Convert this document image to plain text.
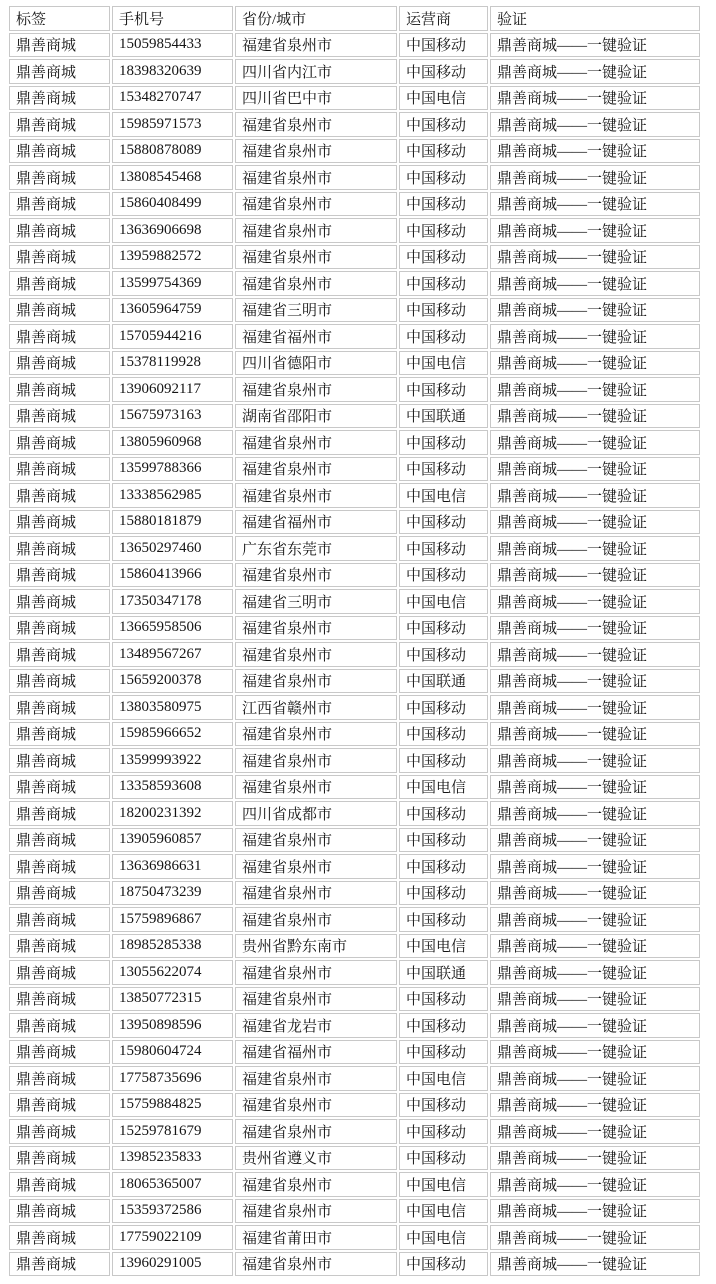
标签	手机号	省份/城市	运营商	验证
鼎善商城	15059854433	福建省泉州市	中国移动	鼎善商城——一键验证
鼎善商城	18398320639	四川省内江市	中国移动	鼎善商城——一键验证
鼎善商城	15348270747	四川省巴中市	中国电信	鼎善商城——一键验证
鼎善商城	15985971573	福建省泉州市	中国移动	鼎善商城——一键验证
鼎善商城	15880878089	福建省泉州市	中国移动	鼎善商城——一键验证
鼎善商城	13808545468	福建省泉州市	中国移动	鼎善商城——一键验证
鼎善商城	15860408499	福建省泉州市	中国移动	鼎善商城——一键验证
鼎善商城	13636906698	福建省泉州市	中国移动	鼎善商城——一键验证
鼎善商城	13959882572	福建省泉州市	中国移动	鼎善商城——一键验证
鼎善商城	13599754369	福建省泉州市	中国移动	鼎善商城——一键验证
鼎善商城	13605964759	福建省三明市	中国移动	鼎善商城——一键验证
鼎善商城	15705944216	福建省福州市	中国移动	鼎善商城——一键验证
鼎善商城	15378119928	四川省德阳市	中国电信	鼎善商城——一键验证
鼎善商城	13906092117	福建省泉州市	中国移动	鼎善商城——一键验证
鼎善商城	15675973163	湖南省邵阳市	中国联通	鼎善商城——一键验证
鼎善商城	13805960968	福建省泉州市	中国移动	鼎善商城——一键验证
鼎善商城	13599788366	福建省泉州市	中国移动	鼎善商城——一键验证
鼎善商城	13338562985	福建省泉州市	中国电信	鼎善商城——一键验证
鼎善商城	15880181879	福建省福州市	中国移动	鼎善商城——一键验证
鼎善商城	13650297460	广东省东莞市	中国移动	鼎善商城——一键验证
鼎善商城	15860413966	福建省泉州市	中国移动	鼎善商城——一键验证
鼎善商城	17350347178	福建省三明市	中国电信	鼎善商城——一键验证
鼎善商城	13665958506	福建省泉州市	中国移动	鼎善商城——一键验证
鼎善商城	13489567267	福建省泉州市	中国移动	鼎善商城——一键验证
鼎善商城	15659200378	福建省泉州市	中国联通	鼎善商城——一键验证
鼎善商城	13803580975	江西省赣州市	中国移动	鼎善商城——一键验证
鼎善商城	15985966652	福建省泉州市	中国移动	鼎善商城——一键验证
鼎善商城	13599993922	福建省泉州市	中国移动	鼎善商城——一键验证
鼎善商城	13358593608	福建省泉州市	中国电信	鼎善商城——一键验证
鼎善商城	18200231392	四川省成都市	中国移动	鼎善商城——一键验证
鼎善商城	13905960857	福建省泉州市	中国移动	鼎善商城——一键验证
鼎善商城	13636986631	福建省泉州市	中国移动	鼎善商城——一键验证
鼎善商城	18750473239	福建省泉州市	中国移动	鼎善商城——一键验证
鼎善商城	15759896867	福建省泉州市	中国移动	鼎善商城——一键验证
鼎善商城	18985285338	贵州省黔东南市	中国电信	鼎善商城——一键验证
鼎善商城	13055622074	福建省泉州市	中国联通	鼎善商城——一键验证
鼎善商城	13850772315	福建省泉州市	中国移动	鼎善商城——一键验证
鼎善商城	13950898596	福建省龙岩市	中国移动	鼎善商城——一键验证
鼎善商城	15980604724	福建省福州市	中国移动	鼎善商城——一键验证
鼎善商城	17758735696	福建省泉州市	中国电信	鼎善商城——一键验证
鼎善商城	15759884825	福建省泉州市	中国移动	鼎善商城——一键验证
鼎善商城	15259781679	福建省泉州市	中国移动	鼎善商城——一键验证
鼎善商城	13985235833	贵州省遵义市	中国移动	鼎善商城——一键验证
鼎善商城	18065365007	福建省泉州市	中国电信	鼎善商城——一键验证
鼎善商城	15359372586	福建省泉州市	中国电信	鼎善商城——一键验证
鼎善商城	17759022109	福建省莆田市	中国电信	鼎善商城——一键验证
鼎善商城	13960291005	福建省泉州市	中国移动	鼎善商城——一键验证
